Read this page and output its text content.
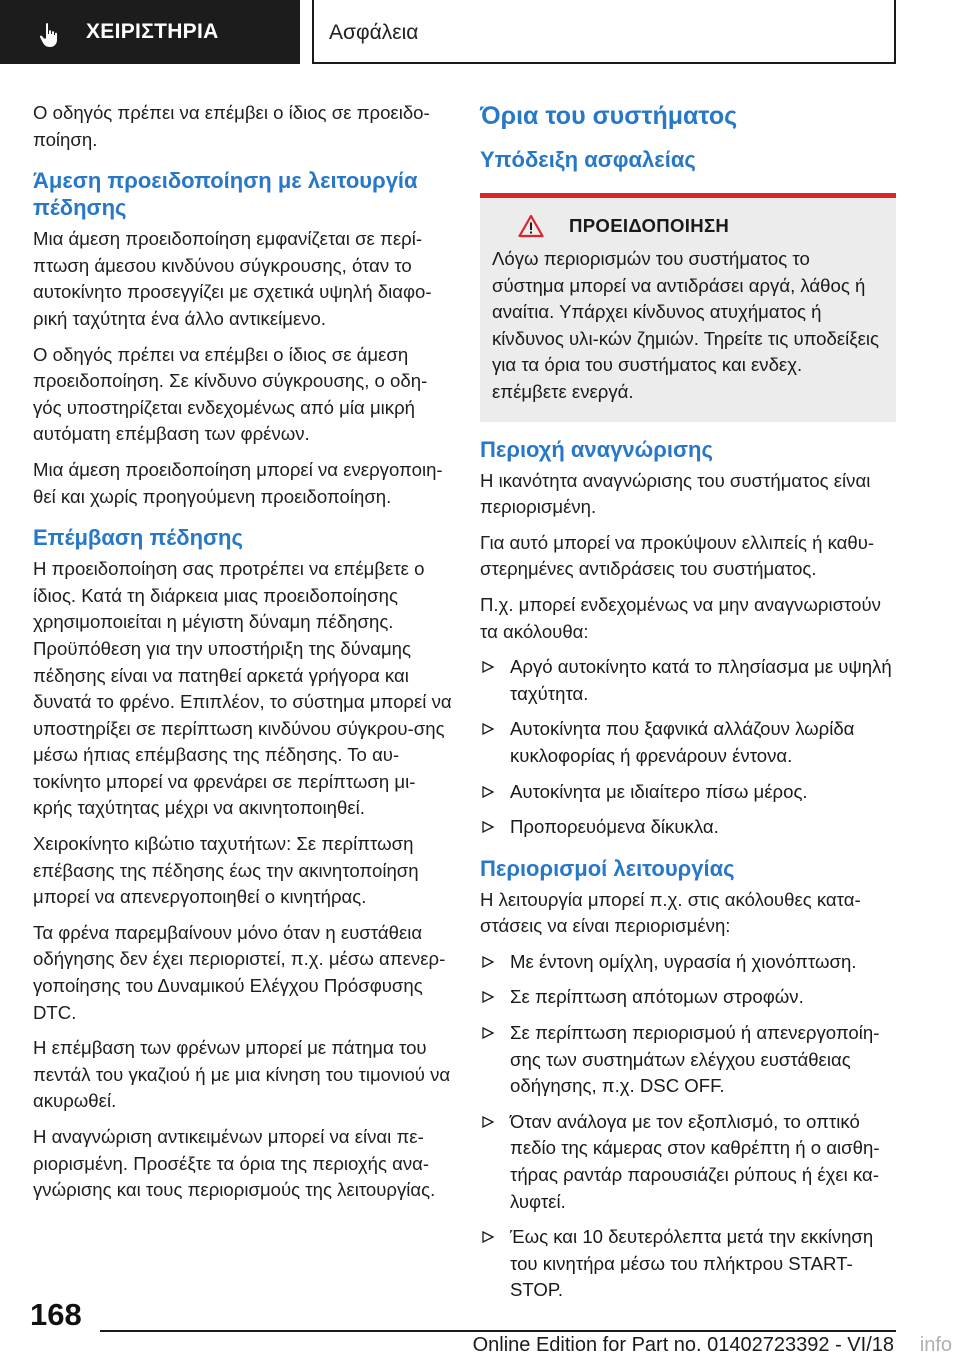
ΧΕΙΡΙΣΤΗΡΙΑ	Ασφάλεια

Ο οδηγός πρέπει να επέμβει ο ίδιος σε προειδο‐ποίηση.

Άμεση προειδοποίηση με λειτουργία πέδησης

Μια άμεση προειδοποίηση εμφανίζεται σε περί‐πτωση άμεσου κινδύνου σύγκρουσης, όταν το αυτοκίνητο προσεγγίζει με σχετικά υψηλή διαφο‐ρική ταχύτητα ένα άλλο αντικείμενο.

Ο οδηγός πρέπει να επέμβει ο ίδιος σε άμεση προειδοποίηση. Σε κίνδυνο σύγκρουσης, ο οδη‐γός υποστηρίζεται ενδεχομένως από μία μικρή αυτόματη επέμβαση των φρένων.

Μια άμεση προειδοποίηση μπορεί να ενεργοποιη‐θεί και χωρίς προηγούμενη προειδοποίηση.

Επέμβαση πέδησης

Η προειδοποίηση σας προτρέπει να επέμβετε ο ίδιος. Κατά τη διάρκεια μιας προειδοποίησης χρησιμοποιείται η μέγιστη δύναμη πέδησης. Προϋπόθεση για την υποστήριξη της δύναμης πέδησης είναι να πατηθεί αρκετά γρήγορα και δυνατά το φρένο. Επιπλέον, το σύστημα μπορεί να υποστηρίξει σε περίπτωση κινδύνου σύγκρου‐σης μέσω ήπιας επέμβασης της πέδησης. Το αυ‐τοκίνητο μπορεί να φρενάρει σε περίπτωση μι‐κρής ταχύτητας μέχρι να ακινητοποιηθεί.

Χειροκίνητο κιβώτιο ταχυτήτων: Σε περίπτωση επέβασης της πέδησης έως την ακινητοποίηση μπορεί να απενεργοποιηθεί ο κινητήρας.

Τα φρένα παρεμβαίνουν μόνο όταν η ευστάθεια οδήγησης δεν έχει περιοριστεί, π.χ. μέσω απενερ‐γοποίησης του Δυναμικού Ελέγχου Πρόσφυσης DTC.

Η επέμβαση των φρένων μπορεί με πάτημα του πεντάλ του γκαζιού ή με μια κίνηση του τιμονιού να ακυρωθεί.

Η αναγνώριση αντικειμένων μπορεί να είναι πε‐ριορισμένη. Προσέξτε τα όρια της περιοχής ανα‐γνώρισης και τους περιορισμούς της λειτουργίας.

Όρια του συστήματος
Υπόδειξη ασφαλείας
ΠΡΟΕΙΔΟΠΟΙΗΣΗ

Λόγω περιορισμών του συστήματος το σύστημα μπορεί να αντιδράσει αργά, λάθος ή αναίτια. Υπάρχει κίνδυνος ατυχήματος ή κίνδυνος υλι‐κών ζημιών. Τηρείτε τις υποδείξεις για τα όρια του συστήματος και ενδεχ. επέμβετε ενεργά.

Περιοχή αναγνώρισης

Η ικανότητα αναγνώρισης του συστήματος είναι περιορισμένη.

Για αυτό μπορεί να προκύψουν ελλιπείς ή καθυ‐στερημένες αντιδράσεις του συστήματος.

Π.χ. μπορεί ενδεχομένως να μην αναγνωριστούν τα ακόλουθα:

Αργό αυτοκίνητο κατά το πλησίασμα με υψηλή ταχύτητα.
Αυτοκίνητα που ξαφνικά αλλάζουν λωρίδα κυκλοφορίας ή φρενάρουν έντονα.
Αυτοκίνητα με ιδιαίτερο πίσω μέρος.
Προπορευόμενα δίκυκλα.
Περιορισμοί λειτουργίας

Η λειτουργία μπορεί π.χ. στις ακόλουθες κατα‐στάσεις να είναι περιορισμένη:

Με έντονη ομίχλη, υγρασία ή χιονόπτωση.
Σε περίπτωση απότομων στροφών.
Σε περίπτωση περιορισμού ή απενεργοποίη‐σης των συστημάτων ελέγχου ευστάθειας οδήγησης, π.χ. DSC OFF.
Όταν ανάλογα με τον εξοπλισμό, το οπτικό πεδίο της κάμερας στον καθρέπτη ή ο αισθη‐τήρας ραντάρ παρουσιάζει ρύπους ή έχει κα‐λυφτεί.
Έως και 10 δευτερόλεπτα μετά την εκκίνηση του κινητήρα μέσω του πλήκτρου START-STOP.
168
Online Edition for Part no. 01402723392 - VI/18 info
